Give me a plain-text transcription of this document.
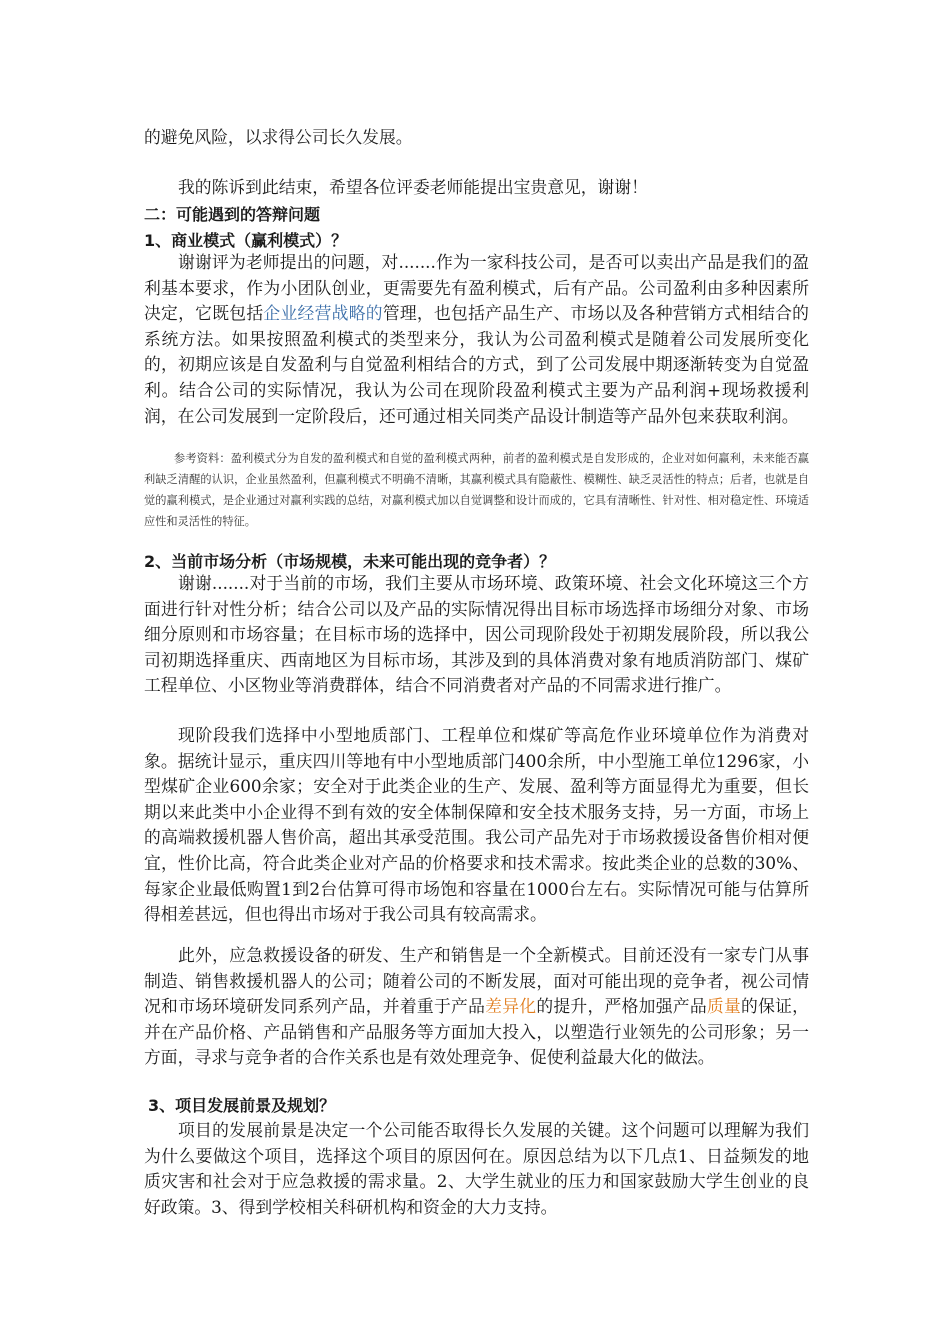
的避免风险，以求得公司长久发展。
我的陈诉到此结束，希望各位评委老师能提出宝贵意见，谢谢！
二：可能遇到的答辩问题
1、商业模式（赢利模式）？
谢谢评为老师提出的问题，对.......作为一家科技公司，是否可以卖出产品是我们的盈利基本要求，作为小团队创业，更需要先有盈利模式，后有产品。公司盈利由多种因素所决定，它既包括企业经营战略的管理，也包括产品生产、市场以及各种营销方式相结合的系统方法。如果按照盈利模式的类型来分，我认为公司盈利模式是随着公司发展所变化的，初期应该是自发盈利与自觉盈利相结合的方式，到了公司发展中期逐渐转变为自觉盈利。结合公司的实际情况，我认为公司在现阶段盈利模式主要为产品利润+现场救援利润，在公司发展到一定阶段后，还可通过相关同类产品设计制造等产品外包来获取利润。
参考资料：盈利模式分为自发的盈利模式和自觉的盈利模式两种，前者的盈利模式是自发形成的，企业对如何赢利，未来能否赢利缺乏清醒的认识，企业虽然盈利，但赢利模式不明确不清晰，其赢利模式具有隐蔽性、模糊性、缺乏灵活性的特点；后者，也就是自觉的赢利模式，是企业通过对赢利实践的总结，对赢利模式加以自觉调整和设计而成的，它具有清晰性、针对性、相对稳定性、环境适应性和灵活性的特征。
2、当前市场分析（市场规模，未来可能出现的竞争者）？
谢谢.......对于当前的市场，我们主要从市场环境、政策环境、社会文化环境这三个方面进行针对性分析；结合公司以及产品的实际情况得出目标市场选择市场细分对象、市场细分原则和市场容量；在目标市场的选择中，因公司现阶段处于初期发展阶段，所以我公司初期选择重庆、西南地区为目标市场，其涉及到的具体消费对象有地质消防部门、煤矿工程单位、小区物业等消费群体，结合不同消费者对产品的不同需求进行推广。
现阶段我们选择中小型地质部门、工程单位和煤矿等高危作业环境单位作为消费对象。据统计显示，重庆四川等地有中小型地质部门400余所，中小型施工单位1296家，小型煤矿企业600余家；安全对于此类企业的生产、发展、盈利等方面显得尤为重要，但长期以来此类中小企业得不到有效的安全体制保障和安全技术服务支持，另一方面，市场上的高端救援机器人售价高，超出其承受范围。我公司产品先对于市场救援设备售价相对便宜，性价比高，符合此类企业对产品的价格要求和技术需求。按此类企业的总数的30%、每家企业最低购置1到2台估算可得市场饱和容量在1000台左右。实际情况可能与估算所得相差甚远，但也得出市场对于我公司具有较高需求。
此外，应急救援设备的研发、生产和销售是一个全新模式。目前还没有一家专门从事制造、销售救援机器人的公司；随着公司的不断发展，面对可能出现的竞争者，视公司情况和市场环境研发同系列产品，并着重于产品差异化的提升，严格加强产品质量的保证，并在产品价格、产品销售和产品服务等方面加大投入，以塑造行业领先的公司形象；另一方面，寻求与竞争者的合作关系也是有效处理竞争、促使利益最大化的做法。
3、项目发展前景及规划？
项目的发展前景是决定一个公司能否取得长久发展的关键。这个问题可以理解为我们为什么要做这个项目，选择这个项目的原因何在。原因总结为以下几点1、日益频发的地质灾害和社会对于应急救援的需求量。2、大学生就业的压力和国家鼓励大学生创业的良好政策。3、得到学校相关科研机构和资金的大力支持。
